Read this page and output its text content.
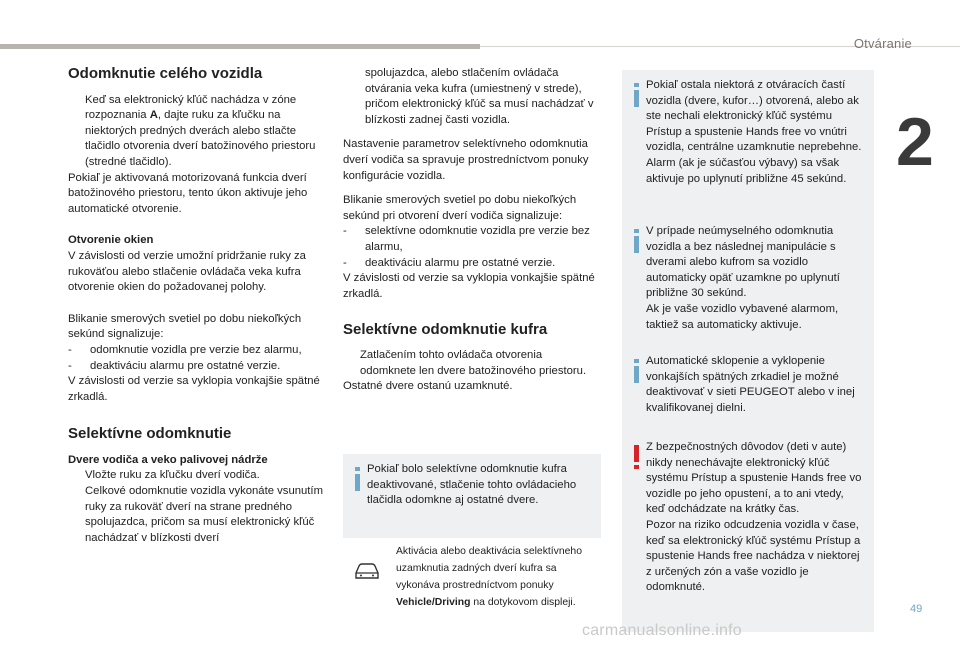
Otváranie
2
Odomknutie celého vozidla
Keď sa elektronický kľúč nachádza v zóne rozpoznania A, dajte ruku za kľučku na niektorých predných dverách alebo stlačte tlačidlo otvorenia dverí batožinového priestoru (stredné tlačidlo).

Pokiaľ je aktivovaná motorizovaná funkcia dverí batožinového priestoru, tento úkon aktivuje jeho automatické otvorenie.

Otvorenie okien

V závislosti od verzie umožní pridržanie ruky za rukoväťou alebo stlačenie ovládača veka kufra otvorenie okien do požadovanej polohy.

Blikanie smerových svetiel po dobu niekoľkých sekúnd signalizuje:

- odomknutie vozidla pre verzie bez alarmu,
- deaktiváciu alarmu pre ostatné verzie.

V závislosti od verzie sa vyklopia vonkajšie spätné zrkadlá.

Selektívne odomknutie

Dvere vodiča a veko palivovej nádrže

Vložte ruku za kľučku dverí vodiča.
Celkové odomknutie vozidla vykonáte vsunutím ruky za rukoväť dverí na strane predného spolujazdca, pričom sa musí elektronický kľúč nachádzať v blízkosti dverí
spolujazdca, alebo stlačením ovládača otvárania veka kufra (umiestnený v strede), pričom elektronický kľúč sa musí nachádzať v blízkosti zadnej časti vozidla.

Nastavenie parametrov selektívneho odomknutia dverí vodiča sa spravuje prostredníctvom ponuky konfigurácie vozidla.

Blikanie smerových svetiel po dobu niekoľkých sekúnd pri otvorení dverí vodiča signalizuje:

- selektívne odomknutie vozidla pre verzie bez alarmu,
- deaktiváciu alarmu pre ostatné verzie.

V závislosti od verzie sa vyklopia vonkajšie spätné zrkadlá.

Selektívne odomknutie kufra
Zatlačením tohto ovládača otvorenia odomknete len dvere batožinového priestoru.

Ostatné dvere ostanú uzamknuté.

Pokiaľ bolo selektívne odomknutie kufra deaktivované, stlačenie tohto ovládacieho tlačidla odomkne aj ostatné dvere.
Aktivácia alebo deaktivácia selektívneho uzamknutia zadných dverí kufra sa vykonáva prostredníctvom ponuky Vehicle/Driving na dotykovom displeji.
Pokiaľ ostala niektorá z otváracích častí vozidla (dvere, kufor…) otvorená, alebo ak ste nechali elektronický kľúč systému Prístup a spustenie Hands free vo vnútri vozidla, centrálne uzamknutie neprebehne.
Alarm (ak je súčasťou výbavy) sa však aktivuje po uplynutí približne 45 sekúnd.
V prípade neúmyselného odomknutia vozidla a bez následnej manipulácie s dverami alebo kufrom sa vozidlo automaticky opäť uzamkne po uplynutí približne 30 sekúnd.
Ak je vaše vozidlo vybavené alarmom, taktiež sa automaticky aktivuje.
Automatické sklopenie a vyklopenie vonkajších spätných zrkadiel je možné deaktivovať v sieti PEUGEOT alebo v inej kvalifikovanej dielni.
Z bezpečnostných dôvodov (deti v aute) nikdy nenechávajte elektronický kľúč systému Prístup a spustenie Hands free vo vozidle po jeho opustení, a to ani vtedy, keď odchádzate na krátky čas.
Pozor na riziko odcudzenia vozidla v čase, keď sa elektronický kľúč systému Prístup a spustenie Hands free nachádza v niektorej z určených zón a vaše vozidlo je odomknuté.
49
carmanualsonline.info
